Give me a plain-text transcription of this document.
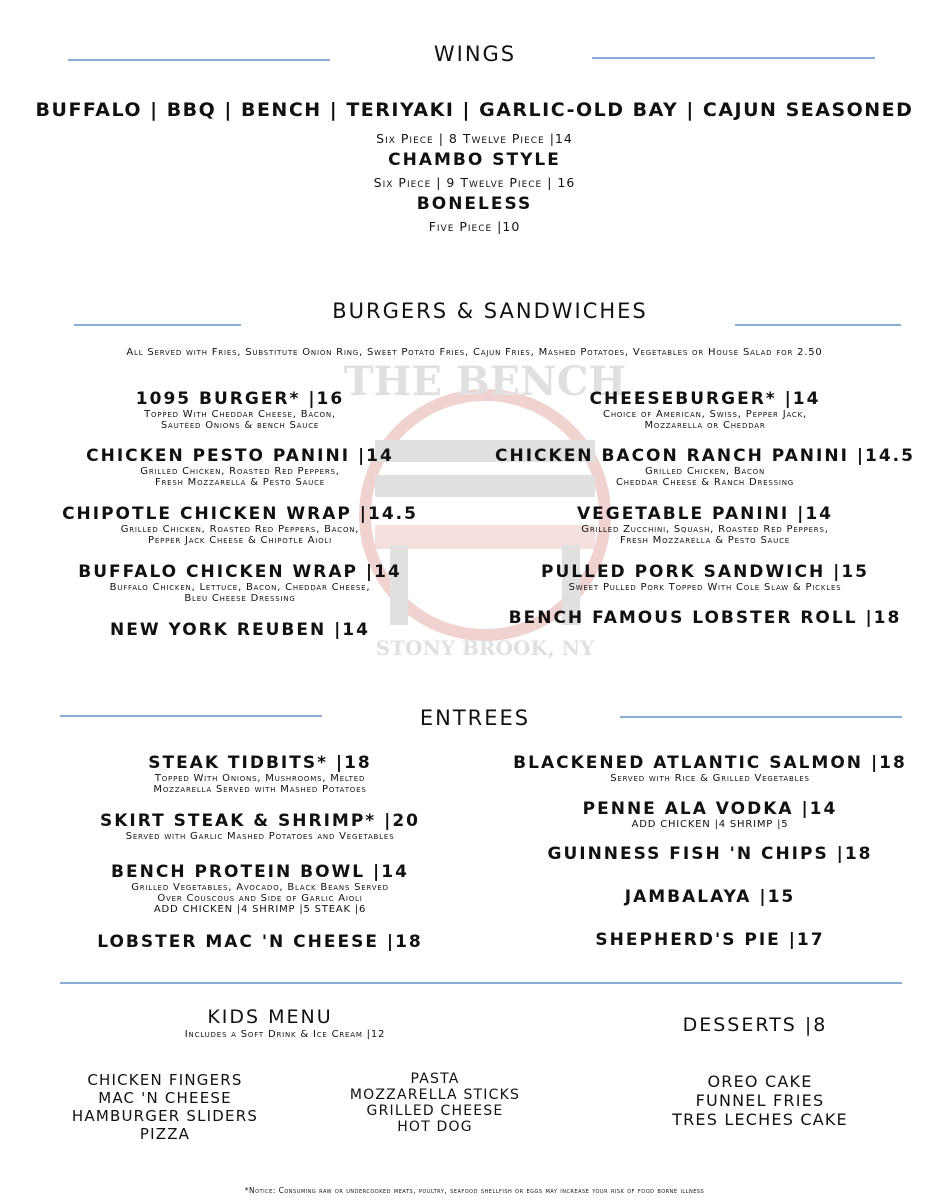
THE BENCH
STONY BROOK, NY
WINGS
BUFFALO | BBQ | BENCH | TERIYAKI | GARLIC-OLD BAY | CAJUN SEASONED
Six Piece | 8 Twelve Piece |14
CHAMBO STYLE
Six Piece | 9 Twelve Piece | 16
BONELESS
Five Piece |10
BURGERS & SANDWICHES
All Served with Fries, Substitute Onion Ring, Sweet Potato Fries, Cajun Fries, Mashed Potatoes, Vegetables or House Salad for 2.50
1095 BURGER* |16
Topped With Cheddar Cheese, Bacon,
Sautéed Onions & bench Sauce
CHICKEN PESTO PANINI |14
Grilled Chicken, Roasted Red Peppers,
Fresh Mozzarella & Pesto Sauce
CHIPOTLE CHICKEN WRAP |14.5
Grilled Chicken, Roasted Red Peppers, Bacon,
Pepper Jack Cheese & Chipotle Aioli
BUFFALO CHICKEN WRAP |14
Buffalo Chicken, Lettuce, Bacon, Cheddar Cheese,
Bleu Cheese Dressing
NEW YORK REUBEN |14
CHEESEBURGER* |14
Choice of American, Swiss, Pepper Jack,
Mozzarella or Cheddar
CHICKEN BACON RANCH PANINI |14.5
Grilled Chicken, Bacon
Cheddar Cheese & Ranch Dressing
VEGETABLE PANINI |14
Grilled Zucchini, Squash, Roasted Red Peppers,
Fresh Mozzarella & Pesto Sauce
PULLED PORK SANDWICH |15
Sweet Pulled Pork Topped With Cole Slaw & Pickles
BENCH FAMOUS LOBSTER ROLL |18
ENTREES
STEAK TIDBITS* |18
Topped With Onions, Mushrooms, Melted
Mozzarella Served with Mashed Potatoes
SKIRT STEAK & SHRIMP* |20
Served with Garlic Mashed Potatoes and Vegetables
BENCH PROTEIN BOWL |14
Grilled Vegetables, Avocado, Black Beans Served
Over Couscous and Side of Garlic Aioli
ADD CHICKEN |4 SHRIMP |5 STEAK |6
LOBSTER MAC 'N CHEESE |18
BLACKENED ATLANTIC SALMON |18
Served with Rice & Grilled Vegetables
PENNE ALA VODKA |14
ADD CHICKEN |4 SHRIMP |5
GUINNESS FISH 'N CHIPS |18
JAMBALAYA |15
SHEPHERD'S PIE |17
KIDS MENU
Includes a Soft Drink & Ice Cream |12
CHICKEN FINGERS
MAC 'N CHEESE
HAMBURGER SLIDERS
PIZZA
PASTA
MOZZARELLA STICKS
GRILLED CHEESE
HOT DOG
DESSERTS |8
OREO CAKE
FUNNEL FRIES
TRES LECHES CAKE
*Notice: Consuming raw or undercooked meats, poultry, seafood shellfish or eggs may increase your risk of food borne illness
